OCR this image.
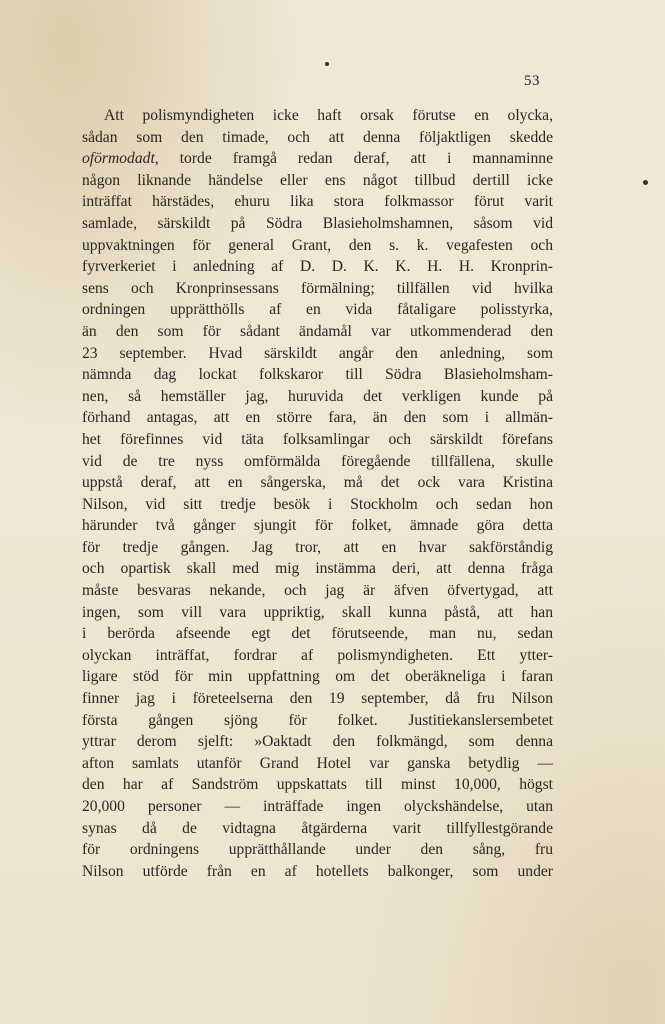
53
Att polismyndigheten icke haft orsak förutse en olycka,
sådan som den timade, och att denna följaktligen skedde
oförmodadt, torde framgå redan deraf, att i mannaminne
någon liknande händelse eller ens något tillbud dertill icke
inträffat härstädes, ehuru lika stora folkmassor förut varit
samlade, särskildt på Södra Blasieholmshamnen, såsom vid
uppvaktningen för general Grant, den s. k. vegafesten och
fyrverkeriet i anledning af D. D. K. K. H. H. Kronprin-
sens och Kronprinsessans förmälning; tillfällen vid hvilka
ordningen upprätthölls af en vida fåtaligare polisstyrka,
än den som för sådant ändamål var utkommenderad den
23 september. Hvad särskildt angår den anledning, som
nämnda dag lockat folkskaror till Södra Blasieholmsham-
nen, så hemställer jag, huruvida det verkligen kunde på
förhand antagas, att en större fara, än den som i allmän-
het förefinnes vid täta folksamlingar och särskildt förefans
vid de tre nyss omförmälda föregående tillfällena, skulle
uppstå deraf, att en sångerska, må det ock vara Kristina
Nilson, vid sitt tredje besök i Stockholm och sedan hon
härunder två gånger sjungit för folket, ämnade göra detta
för tredje gången. Jag tror, att en hvar sakförståndig
och opartisk skall med mig instämma deri, att denna fråga
måste besvaras nekande, och jag är äfven öfvertygad, att
ingen, som vill vara uppriktig, skall kunna påstå, att han
i berörda afseende egt det förutseende, man nu, sedan
olyckan inträffat, fordrar af polismyndigheten. Ett ytter-
ligare stöd för min uppfattning om det oberäkneliga i faran
finner jag i företeelserna den 19 september, då fru Nilson
första gången sjöng för folket. Justitiekanslersembetet
yttrar derom sjelft: »Oaktadt den folkmängd, som denna
afton samlats utanför Grand Hotel var ganska betydlig —
den har af Sandström uppskattats till minst 10,000, högst
20,000 personer — inträffade ingen olyckshändelse, utan
synas då de vidtagna åtgärderna varit tillfyllestgörande
för ordningens upprätthållande under den sång, fru
Nilson utförde från en af hotellets balkonger, som under
